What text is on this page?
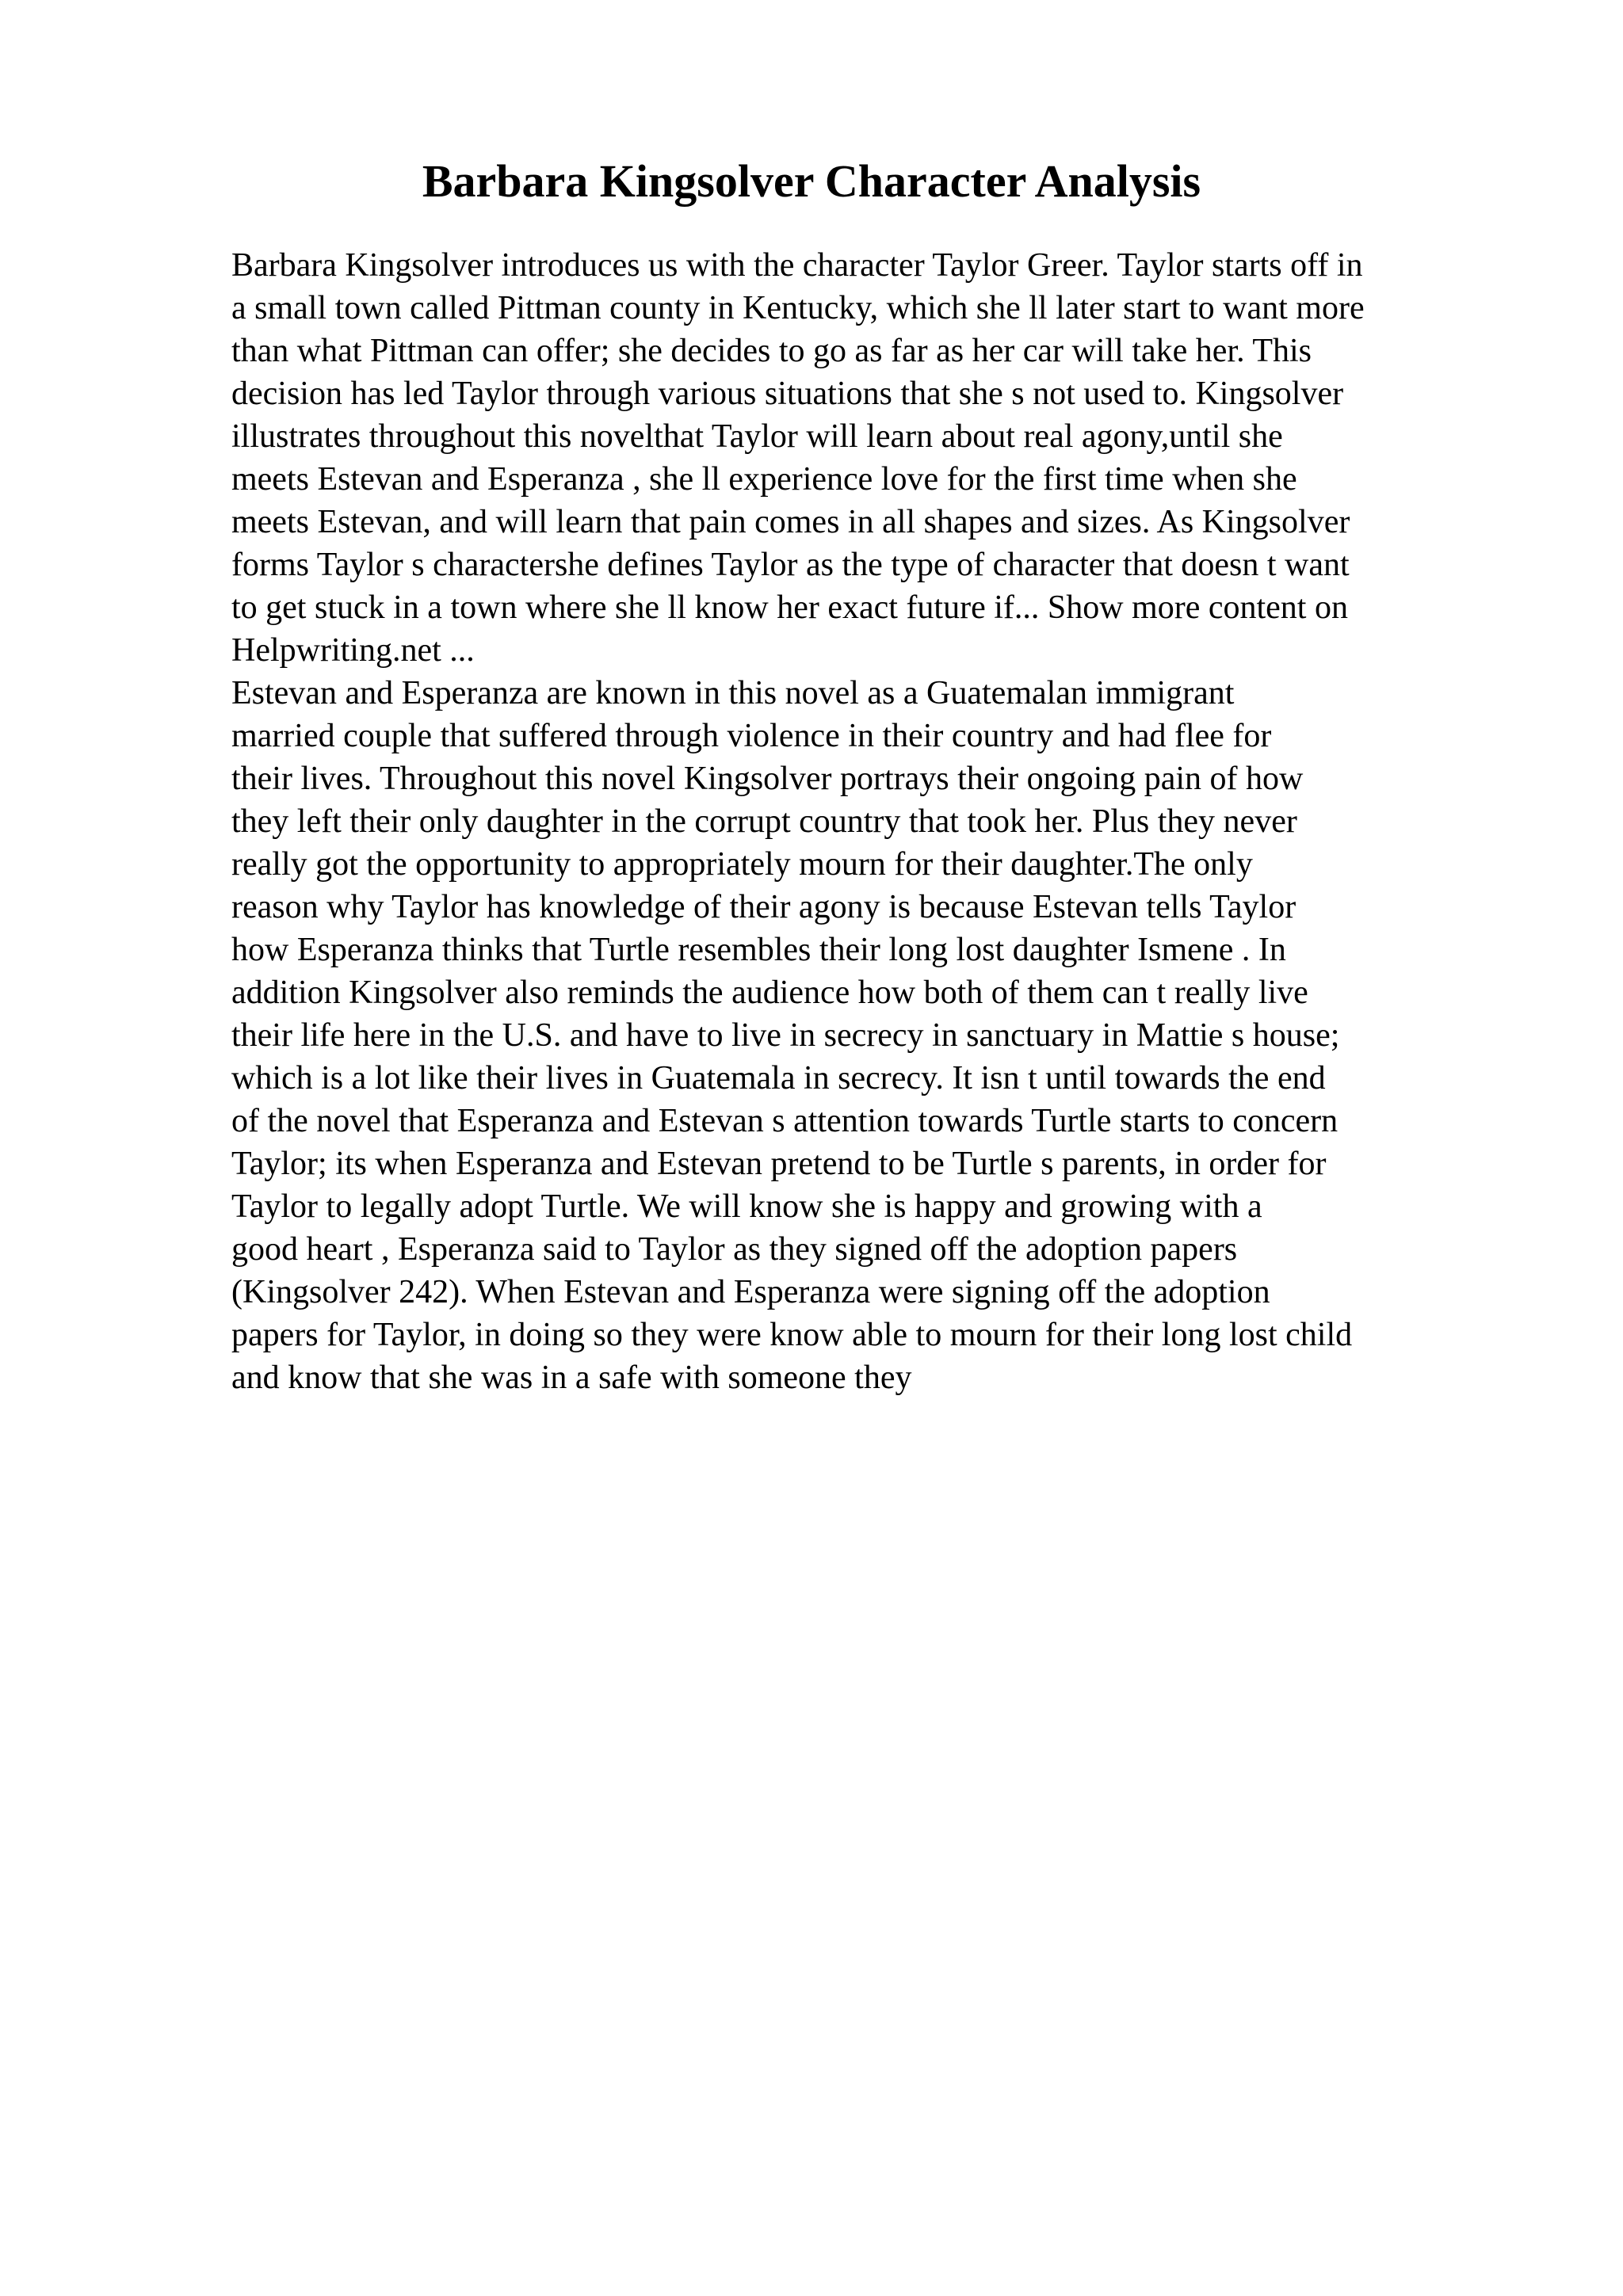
Barbara Kingsolver Character Analysis
Barbara Kingsolver introduces us with the character Taylor Greer. Taylor starts off in
a small town called Pittman county in Kentucky, which she ll later start to want more
than what Pittman can offer; she decides to go as far as her car will take her. This
decision has led Taylor through various situations that she s not used to. Kingsolver
illustrates throughout this novelthat Taylor will learn about real agony,until she
meets Estevan and Esperanza , she ll experience love for the first time when she
meets Estevan, and will learn that pain comes in all shapes and sizes. As Kingsolver
forms Taylor s charactershe defines Taylor as the type of character that doesn t want
to get stuck in a town where she ll know her exact future if... Show more content on
Helpwriting.net ...
Estevan and Esperanza are known in this novel as a Guatemalan immigrant
married couple that suffered through violence in their country and had flee for
their lives. Throughout this novel Kingsolver portrays their ongoing pain of how
they left their only daughter in the corrupt country that took her. Plus they never
really got the opportunity to appropriately mourn for their daughter.The only
reason why Taylor has knowledge of their agony is because Estevan tells Taylor
how Esperanza thinks that Turtle resembles their long lost daughter Ismene . In
addition Kingsolver also reminds the audience how both of them can t really live
their life here in the U.S. and have to live in secrecy in sanctuary in Mattie s house;
which is a lot like their lives in Guatemala in secrecy. It isn t until towards the end
of the novel that Esperanza and Estevan s attention towards Turtle starts to concern
Taylor; its when Esperanza and Estevan pretend to be Turtle s parents, in order for
Taylor to legally adopt Turtle. We will know she is happy and growing with a
good heart , Esperanza said to Taylor as they signed off the adoption papers
(Kingsolver 242). When Estevan and Esperanza were signing off the adoption
papers for Taylor, in doing so they were know able to mourn for their long lost child
and know that she was in a safe with someone they
